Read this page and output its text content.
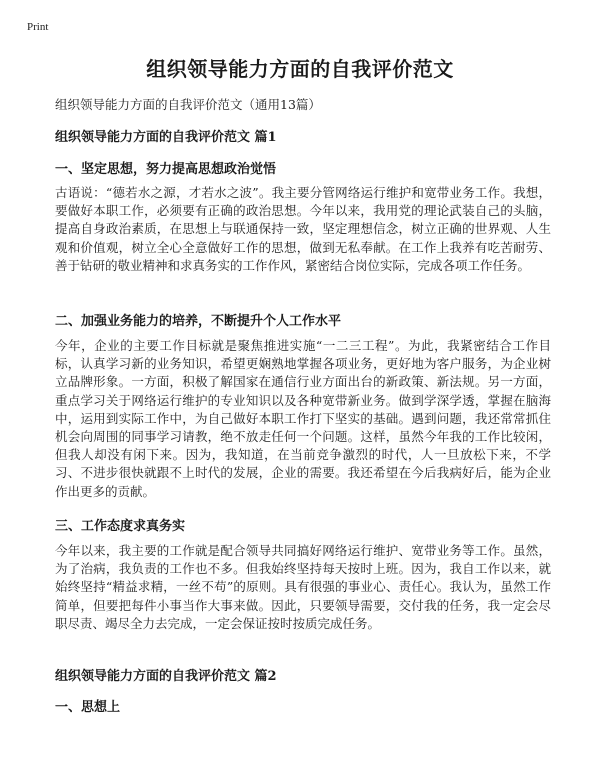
Print
组织领导能力方面的自我评价范文
组织领导能力方面的自我评价范文（通用13篇）
组织领导能力方面的自我评价范文 篇1
一、坚定思想，努力提高思想政治觉悟

古语说：“德若水之源，才若水之波”。我主要分管网络运行维护和宽带业务工作。我想，要做好本职工作，必须要有正确的政治思想。今年以来，我用党的理论武装自己的头脑，提高自身政治素质，在思想上与联通保持一致，坚定理想信念，树立正确的世界观、人生观和价值观，树立全心全意做好工作的思想，做到无私奉献。在工作上我养有吃苦耐劳、善于钻研的敬业精神和求真务实的工作作风，紧密结合岗位实际，完成各项工作任务。

二、加强业务能力的培养，不断提升个人工作水平

今年，企业的主要工作目标就是聚焦推进实施“一二三工程”。为此，我紧密结合工作目标，认真学习新的业务知识，希望更娴熟地掌握各项业务，更好地为客户服务，为企业树立品牌形象。一方面，积极了解国家在通信行业方面出台的新政策、新法规。另一方面，重点学习关于网络运行维护的专业知识以及各种宽带新业务。做到学深学透，掌握在脑海中，运用到实际工作中，为自己做好本职工作打下坚实的基础。遇到问题，我还常常抓住机会向周围的同事学习请教，绝不放走任何一个问题。这样，虽然今年我的工作比较闲，但我人却没有闲下来。因为，我知道，在当前竞争激烈的时代，人一旦放松下来，不学习、不进步很快就跟不上时代的发展，企业的需要。我还希望在今后我病好后，能为企业作出更多的贡献。

三、工作态度求真务实

今年以来，我主要的工作就是配合领导共同搞好网络运行维护、宽带业务等工作。虽然，为了治病，我负责的工作也不多。但我始终坚持每天按时上班。因为，我自工作以来，就始终坚持“精益求精，一丝不苟”的原则。具有很强的事业心、责任心。我认为，虽然工作简单，但要把每件小事当作大事来做。因此，只要领导需要，交付我的任务，我一定会尽职尽责、竭尽全力去完成，一定会保证按时按质完成任务。

组织领导能力方面的自我评价范文 篇2
一、思想上
